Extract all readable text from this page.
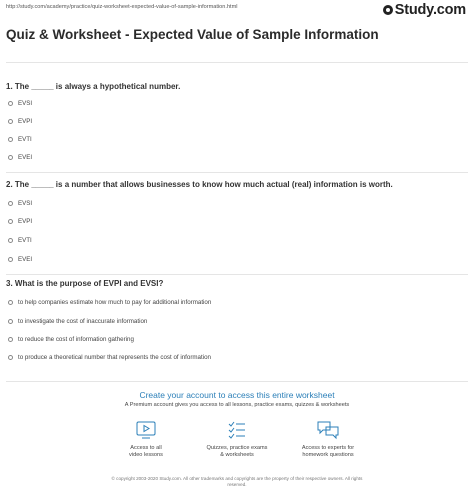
http://study.com/academy/practice/quiz-worksheet-expected-value-of-sample-information.html	Study.com
Quiz & Worksheet - Expected Value of Sample Information
1. The _____ is always a hypothetical number.
EVSI
EVPI
EVTI
EVEI
2. The _____ is a number that allows businesses to know how much actual (real) information is worth.
EVSI
EVPI
EVTI
EVEI
3. What is the purpose of EVPI and EVSI?
to help companies estimate how much to pay for additional information
to investigate the cost of inaccurate information
to reduce the cost of information gathering
to produce a theoretical number that represents the cost of information
Create your account to access this entire worksheet
A Premium account gives you access to all lessons, practice exams, quizzes & worksheets
Access to all
video lessons
Quizzes, practice exams
& worksheets
Access to experts for
homework questions
© copyright 2003-2020 Study.com. All other trademarks and copyrights are the property of their respective owners. All rights
reserved.
